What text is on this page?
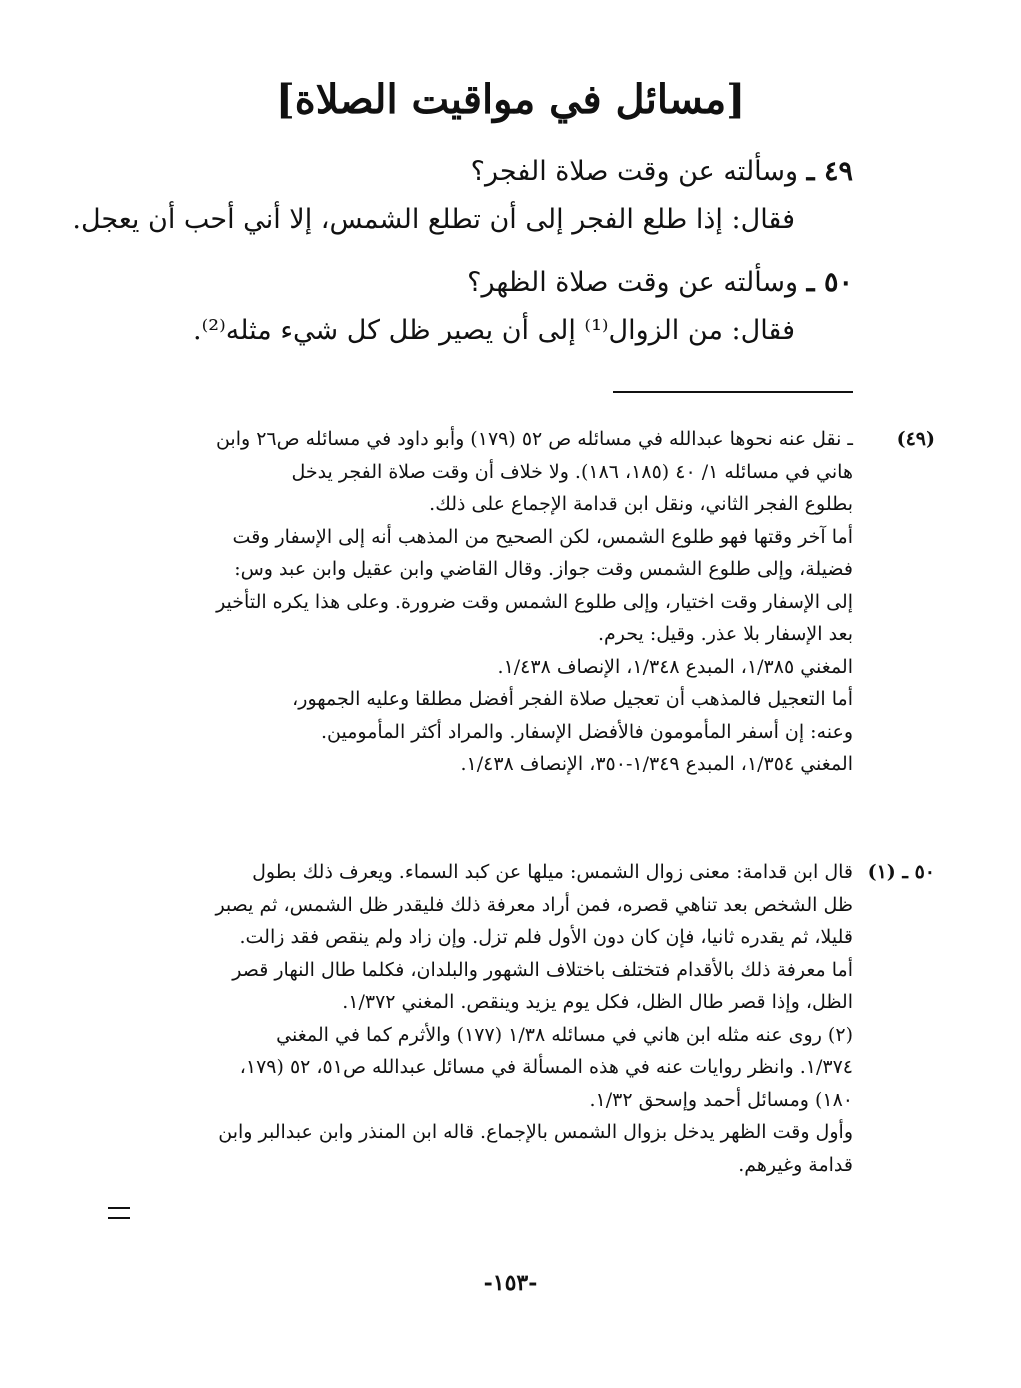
[مسائل في مواقيت الصلاة]
٤٩ ـ وسألته عن وقت صلاة الفجر؟
فقال: إذا طلع الفجر إلى أن تطلع الشمس، إلا أني أحب أن يعجل.
٥٠ ـ وسألته عن وقت صلاة الظهر؟
فقال: من الزوال⁽¹⁾ إلى أن يصير ظل كل شيء مثله⁽²⁾.
(٤٩)
ـ نقل عنه نحوها عبدالله في مسائله ص ٥٢ (١٧٩) وأبو داود في مسائله ص٢٦ وابن
هاني في مسائله ١/ ٤٠ (١٨٥، ١٨٦). ولا خلاف أن وقت صلاة الفجر يدخل
بطلوع الفجر الثاني، ونقل ابن قدامة الإجماع على ذلك.
أما آخر وقتها فهو طلوع الشمس، لكن الصحيح من المذهب أنه إلى الإسفار وقت
فضيلة، وإلى طلوع الشمس وقت جواز. وقال القاضي وابن عقيل وابن عبد وس:
إلى الإسفار وقت اختيار، وإلى طلوع الشمس وقت ضرورة. وعلى هذا يكره التأخير
بعد الإسفار بلا عذر. وقيل: يحرم.
المغني ١/٣٨٥، المبدع ١/٣٤٨، الإنصاف ١/٤٣٨.
أما التعجيل فالمذهب أن تعجيل صلاة الفجر أفضل مطلقا وعليه الجمهور،
وعنه: إن أسفر المأمومون فالأفضل الإسفار. والمراد أكثر المأمومين.
المغني ١/٣٥٤، المبدع ١/٣٤٩-٣٥٠، الإنصاف ١/٤٣٨.
٥٠ ـ (١)
قال ابن قدامة: معنى زوال الشمس: ميلها عن كبد السماء. ويعرف ذلك بطول
ظل الشخص بعد تناهي قصره، فمن أراد معرفة ذلك فليقدر ظل الشمس، ثم يصبر
قليلا، ثم يقدره ثانيا، فإن كان دون الأول فلم تزل. وإن زاد ولم ينقص فقد زالت.
أما معرفة ذلك بالأقدام فتختلف باختلاف الشهور والبلدان، فكلما طال النهار قصر
الظل، وإذا قصر طال الظل، فكل يوم يزيد وينقص. المغني ١/٣٧٢.
(٢) روى عنه مثله ابن هاني في مسائله ١/٣٨ (١٧٧) والأثرم كما في المغني
١/٣٧٤. وانظر روايات عنه في هذه المسألة في مسائل عبدالله ص٥١، ٥٢ (١٧٩،
١٨٠) ومسائل أحمد وإسحق ١/٣٢.
وأول وقت الظهر يدخل بزوال الشمس بالإجماع. قاله ابن المنذر وابن عبدالبر وابن
قدامة وغيرهم.
-١٥٣-
